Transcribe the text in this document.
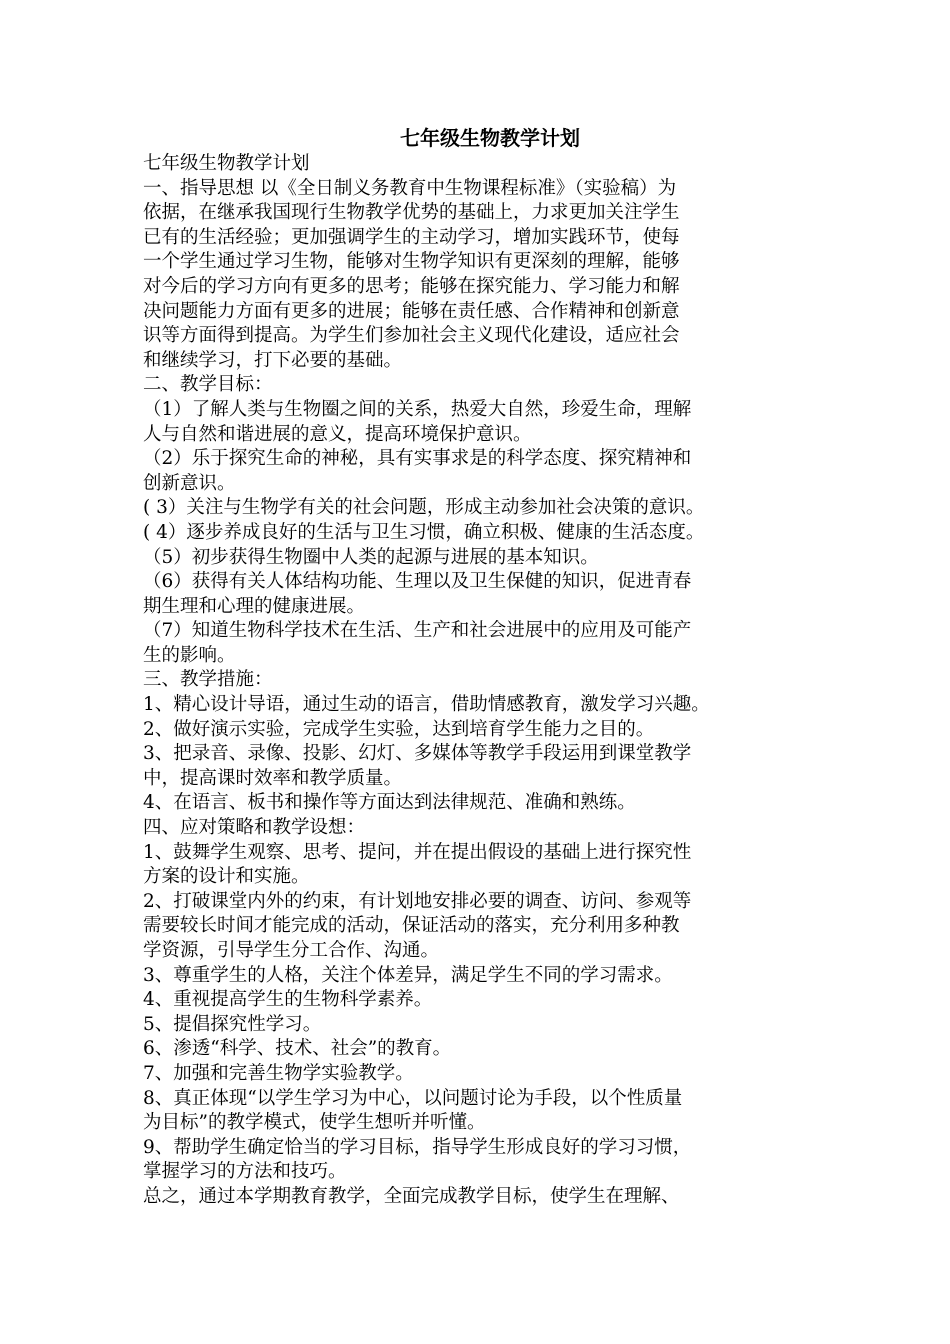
七年级生物教学计划
七年级生物教学计划
一、指导思想 以《全日制义务教育中生物课程标准》（实验稿）为
依据，在继承我国现行生物教学优势的基础上，力求更加关注学生
已有的生活经验；更加强调学生的主动学习，增加实践环节，使每
一个学生通过学习生物，能够对生物学知识有更深刻的理解，能够
对今后的学习方向有更多的思考；能够在探究能力、学习能力和解
决问题能力方面有更多的进展；能够在责任感、合作精神和创新意
识等方面得到提高。为学生们参加社会主义现代化建设，适应社会
和继续学习，打下必要的基础。
二、教学目标：
（1）了解人类与生物圈之间的关系，热爱大自然，珍爱生命，理解
人与自然和谐进展的意义，提高环境保护意识。
（2）乐于探究生命的神秘，具有实事求是的科学态度、探究精神和
创新意识。
( 3）关注与生物学有关的社会问题，形成主动参加社会决策的意识。
( 4）逐步养成良好的生活与卫生习惯，确立积极、健康的生活态度。
（5）初步获得生物圈中人类的起源与进展的基本知识。
（6）获得有关人体结构功能、生理以及卫生保健的知识，促进青春
期生理和心理的健康进展。
（7）知道生物科学技术在生活、生产和社会进展中的应用及可能产
生的影响。
三、教学措施：
1、精心设计导语，通过生动的语言，借助情感教育，激发学习兴趣。
2、做好演示实验，完成学生实验，达到培育学生能力之目的。
3、把录音、录像、投影、幻灯、多媒体等教学手段运用到课堂教学
中，提高课时效率和教学质量。
4、在语言、板书和操作等方面达到法律规范、准确和熟练。
四、应对策略和教学设想：
1、鼓舞学生观察、思考、提问，并在提出假设的基础上进行探究性
方案的设计和实施。
2、打破课堂内外的约束，有计划地安排必要的调查、访问、参观等
需要较长时间才能完成的活动，保证活动的落实，充分利用多种教
学资源，引导学生分工合作、沟通。
3、尊重学生的人格，关注个体差异，满足学生不同的学习需求。
4、重视提高学生的生物科学素养。
5、提倡探究性学习。
6、渗透“科学、技术、社会”的教育。
7、加强和完善生物学实验教学。
8、真正体现“以学生学习为中心，以问题讨论为手段，以个性质量
为目标”的教学模式，使学生想听并听懂。
9、帮助学生确定恰当的学习目标，指导学生形成良好的学习习惯，
掌握学习的方法和技巧。
总之，通过本学期教育教学，全面完成教学目标，使学生在理解、
